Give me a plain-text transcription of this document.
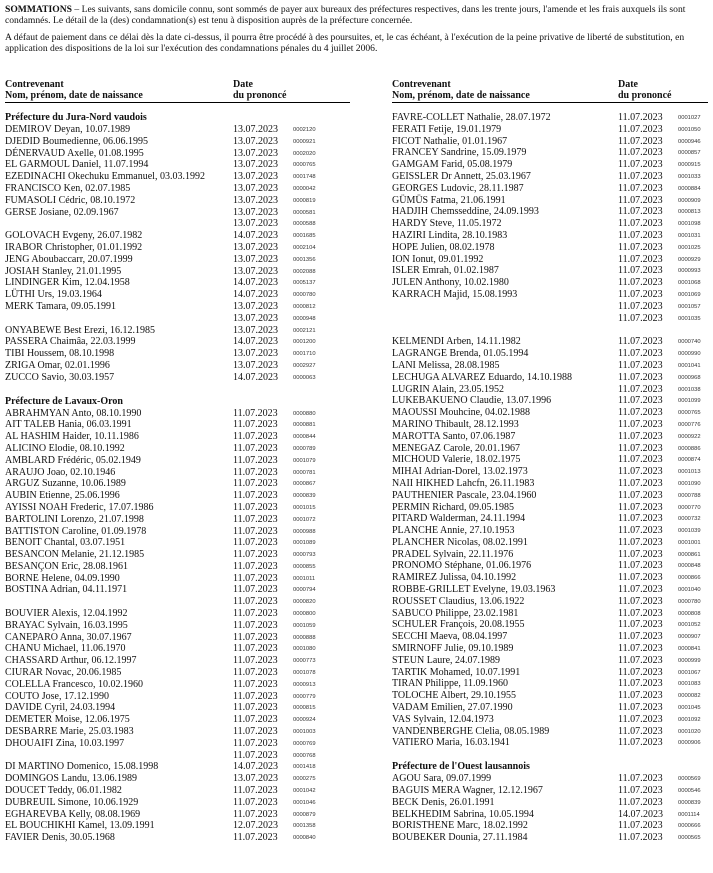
SOMMATIONS – Les suivants, sans domicile connu, sont sommés de payer aux bureaux des préfectures respectives, dans les trente jours, l'amende et les frais auxquels ils sont condamnés. Le détail de la (des) condamnation(s) est tenu à disposition auprès de la préfecture concernée.

A défaut de paiement dans ce délai dès la date ci-dessus, il pourra être procédé à des poursuites, et, le cas échéant, à l'exécution de la peine privative de liberté de substitution, en application des dispositions de la loi sur l'exécution des condamnations pénales du 4 juillet 2006.

Contrevenant
Nom, prénom, date de naissance
Date
du prononcé
Contrevenant
Nom, prénom, date de naissance
Date
du prononcé
Préfecture du Jura-Nord vaudois
DEMIROV Deyan, 10.07.1989	13.07.2023	0002120
DJEDID Boumedienne, 06.06.1995	13.07.2023	0000921
DÉNERVAUD Axelle, 01.08.1995	13.07.2023	0002020
EL GARMOUL Daniel, 11.07.1994	13.07.2023	0000765
EZEDINACHI Okechuku Emmanuel, 03.03.1992	13.07.2023	0001748
FRANCISCO Ken, 02.07.1985	13.07.2023	0000042
FUMASOLI Cédric, 08.10.1972	13.07.2023	0000819
GERSE Josiane, 02.09.1967	13.07.2023	0000581
13.07.2023	0000588
GOLOVACH Evgeny, 26.07.1982	14.07.2023	0001685
IRABOR Christopher, 01.01.1992	13.07.2023	0002104
JENG Aboubaccarr, 20.07.1999	13.07.2023	0001356
JOSIAH Stanley, 21.01.1995	13.07.2023	0002088
LINDINGER Kim, 12.04.1958	14.07.2023	0005137
LÜTHI Urs, 19.03.1964	14.07.2023	0000780
MERK Tamara, 09.05.1991	13.07.2023	0000812
13.07.2023	0000948
ONYABEWE Best Erezi, 16.12.1985	13.07.2023	0002121
PASSERA Chaimâa, 22.03.1999	14.07.2023	0001200
TIBI Houssem, 08.10.1998	13.07.2023	0001710
ZRIGA Omar, 02.01.1996	13.07.2023	0002927
ZUCCO Savio, 30.03.1957	14.07.2023	0000063
Préfecture de Lavaux-Oron
ABRAHMYAN Anto, 08.10.1990	11.07.2023	0000880
AIT TALEB Hania, 06.03.1991	11.07.2023	0000881
AL HASHIM Haider, 10.11.1986	11.07.2023	0000844
ALICINO Elodie, 08.10.1992	11.07.2023	0000789
AMBLARD Frédéric, 05.02.1949	11.07.2023	0001079
ARAUJO Joao, 02.10.1946	11.07.2023	0000781
ARGUZ Suzanne, 10.06.1989	11.07.2023	0000867
AUBIN Etienne, 25.06.1996	11.07.2023	0000839
AYISSI NOAH Frederic, 17.07.1986	11.07.2023	0001015
BARTOLINI Lorenzo, 21.07.1998	11.07.2023	0001072
BATTISTON Caroline, 01.09.1978	11.07.2023	0000988
BENOIT Chantal, 03.07.1951	11.07.2023	0001089
BESANCON Melanie, 21.12.1985	11.07.2023	0000793
BESANÇON Eric, 28.08.1961	11.07.2023	0000855
BORNE Helene, 04.09.1990	11.07.2023	0001011
BOSTINA Adrian, 04.11.1971	11.07.2023	0000794
11.07.2023	0000820
BOUVIER Alexis, 12.04.1992	11.07.2023	0000800
BRAYAC Sylvain, 16.03.1995	11.07.2023	0001059
CANEPARO Anna, 30.07.1967	11.07.2023	0000888
CHANU Michael, 11.06.1970	11.07.2023	0001080
CHASSARD Arthur, 06.12.1997	11.07.2023	0000773
CIURAR Novac, 20.06.1985	11.07.2023	0001078
COLELLA Francesco, 10.02.1960	11.07.2023	0000913
COUTO Jose, 17.12.1990	11.07.2023	0000779
DAVIDE Cyril, 24.03.1994	11.07.2023	0000815
DEMETER Moise, 12.06.1975	11.07.2023	0000924
DESBARRE Marie, 25.03.1983	11.07.2023	0001003
DHOUAIFI Zina, 10.03.1997	11.07.2023	0000769
11.07.2023	0000768
DI MARTINO Domenico, 15.08.1998	14.07.2023	0001418
DOMINGOS Landu, 13.06.1989	13.07.2023	0000275
DOUCET Teddy, 06.01.1982	11.07.2023	0001042
DUBREUIL Simone, 10.06.1929	11.07.2023	0001046
EGHAREVBA Kelly, 08.08.1969	11.07.2023	0000879
EL BOUCHIKHI Kamel, 13.09.1991	12.07.2023	0001358
FAVIER Denis, 30.05.1968	11.07.2023	0000840
FAVRE-COLLET Nathalie, 28.07.1972	11.07.2023	0001027
FERATI Fetije, 19.01.1979	11.07.2023	0001050
FICOT Nathalie, 01.01.1967	11.07.2023	0000946
FRANCEY Sandrine, 15.09.1979	11.07.2023	0000857
GAMGAM Farid, 05.08.1979	11.07.2023	0000915
GEISSLER Dr Annett, 25.03.1967	11.07.2023	0001033
GEORGES Ludovic, 28.11.1987	11.07.2023	0000884
GÜMÜS Fatma, 21.06.1991	11.07.2023	0000909
HADJIH Chemsseddine, 24.09.1993	11.07.2023	0000813
HARDY Steve, 11.05.1972	11.07.2023	0001098
HAZIRI Lindita, 28.10.1983	11.07.2023	0001031
HOPE Julien, 08.02.1978	11.07.2023	0001025
ION Ionut, 09.01.1992	11.07.2023	0000929
ISLER Emrah, 01.02.1987	11.07.2023	0000993
JULEN Anthony, 10.02.1980	11.07.2023	0001068
KARRACH Majid, 15.08.1993	11.07.2023	0001069
11.07.2023	0001057
11.07.2023	0001035
KELMENDI Arben, 14.11.1982	11.07.2023	0000740
LAGRANGE Brenda, 01.05.1994	11.07.2023	0000990
LANI Melissa, 28.08.1985	11.07.2023	0001041
LECHUGA ALVAREZ Eduardo, 14.10.1988	11.07.2023	0000968
LUGRIN Alain, 23.05.1952	11.07.2023	0001038
LUKEBAKUENO Claudie, 13.07.1996	11.07.2023	0001099
MAOUSSI Mouhcine, 04.02.1988	11.07.2023	0000765
MARINO Thibault, 28.12.1993	11.07.2023	0000776
MAROTTA Santo, 07.06.1987	11.07.2023	0000922
MENEGAZ Carole, 20.01.1967	11.07.2023	0000886
MICHOUD Valerie, 18.02.1975	11.07.2023	0000874
MIHAI Adrian-Dorel, 13.02.1973	11.07.2023	0001013
NAII HIKHED Lahcfn, 26.11.1983	11.07.2023	0001090
PAUTHENIER Pascale, 23.04.1960	11.07.2023	0000788
PERMIN Richard, 09.05.1985	11.07.2023	0000770
PITARD Walderman, 24.11.1994	11.07.2023	0000732
PLANCHE Annie, 27.10.1953	11.07.2023	0001039
PLANCHER Nicolas, 08.02.1991	11.07.2023	0001001
PRADEL Sylvain, 22.11.1976	11.07.2023	0000861
PRONOMO Stéphane, 01.06.1976	11.07.2023	0000848
RAMIREZ Julissa, 04.10.1992	11.07.2023	0000866
ROBBE-GRILLET Evelyne, 19.03.1963	11.07.2023	0001040
ROUSSET Claudius, 13.06.1922	11.07.2023	0000780
SABUCO Philippe, 23.02.1981	11.07.2023	0000808
SCHULER François, 20.08.1955	11.07.2023	0001052
SECCHI Maeva, 08.04.1997	11.07.2023	0000907
SMIRNOFF Julie, 09.10.1989	11.07.2023	0000841
STEUN Laure, 24.07.1989	11.07.2023	0000999
TARTIK Mohamed, 10.07.1991	11.07.2023	0001067
TIRAN Philippe, 11.09.1960	11.07.2023	0001083
TOLOCHE Albert, 29.10.1955	11.07.2023	0000082
VADAM Emilien, 27.07.1990	11.07.2023	0001045
VAS Sylvain, 12.04.1973	11.07.2023	0001092
VANDENBERGHE Clelia, 08.05.1989	11.07.2023	0001020
VATIERO Maria, 16.03.1941	11.07.2023	0000906
Préfecture de l'Ouest lausannois
AGOU Sara, 09.07.1999	11.07.2023	0000569
BAGUIS MERA Wagner, 12.12.1967	11.07.2023	0000546
BECK Denis, 26.01.1991	11.07.2023	0000839
BELKHEDIM Sabrina, 10.05.1994	14.07.2023	0001114
BORISTHENE Marc, 18.02.1992	11.07.2023	0000666
BOUBEKER Dounia, 27.11.1984	11.07.2023	0000565
